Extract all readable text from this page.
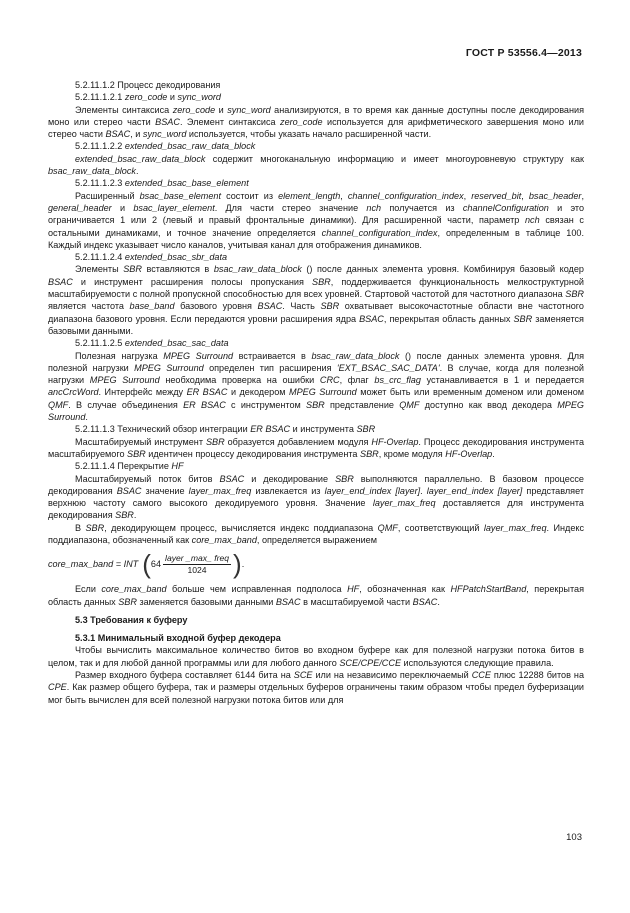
ГОСТ Р 53556.4—2013

5.2.11.1.2 Процесс декодирования

5.2.11.1.2.1 zero_code и sync_word

Элементы синтаксиса zero_code и sync_word анализируются, в то время как данные доступны после декодирования моно или стерео части BSAC. Элемент синтаксиса zero_code используется для арифметического завершения моно или стерео части BSAC, и sync_word используется, чтобы указать начало расширенной части.

5.2.11.1.2.2 extended_bsac_raw_data_block

extended_bsac_raw_data_block содержит многоканальную информацию и имеет многоуровневую структуру как bsac_raw_data_block.

5.2.11.1.2.3 extended_bsac_base_element

Расширенный bsac_base_element состоит из element_length, channel_configuration_index, reserved_bit, bsac_header, general_header и bsac_layer_element. Для части стерео значение nch получается из channelConfiguration и это ограничивается 1 или 2 (левый и правый фронтальные динамики). Для расширенной части, параметр nch связан с остальными динамиками, и точное значение определяется channel_configuration_index, определенным в таблице 100. Каждый индекс указывает число каналов, учитывая канал для отображения динамиков.

5.2.11.1.2.4 extended_bsac_sbr_data

Элементы SBR вставляются в bsac_raw_data_block () после данных элемента уровня. Комбинируя базовый кодер BSAC и инструмент расширения полосы пропускания SBR, поддерживается функциональность мелкоструктурной масштабируемости с полной пропускной способностью для всех уровней. Стартовой частотой для частотного диапазона SBR является частота base_band базового уровня BSAC. Часть SBR охватывает высокочастотные области вне частотного диапазона базового уровня. Если передаются уровни расширения ядра BSAC, перекрытая область данных SBR заменяется базовыми данными.

5.2.11.1.2.5 extended_bsac_sac_data

Полезная нагрузка MPEG Surround встраивается в bsac_raw_data_block () после данных элемента уровня. Для полезной нагрузки MPEG Surround определен тип расширения 'EXT_BSAC_SAC_DATA'. В случае, когда для полезной нагрузки MPEG Surround необходима проверка на ошибки CRC, флаг bs_crc_flag устанавливается в 1 и передается ancCrcWord. Интерфейс между ER BSAC и декодером MPEG Surround может быть или временным доменом или доменом QMF. В случае объединения ER BSAC с инструментом SBR представление QMF доступно как ввод декодера MPEG Surround.

5.2.11.1.3 Технический обзор интеграции ER BSAC и инструмента SBR

Масштабируемый инструмент SBR образуется добавлением модуля HF-Overlap. Процесс декодирования инструмента масштабируемого SBR идентичен процессу декодирования инструмента SBR, кроме модуля HF-Overlap.

5.2.11.1.4 Перекрытие HF

Масштабируемый поток битов BSAC и декодирование SBR выполняются параллельно. В базовом процессе декодирования BSAC значение layer_max_freq извлекается из layer_end_index [layer]. layer_end_index [layer] представляет верхнюю частоту самого высокого декодируемого уровня. Значение layer_max_freq доставляется для инструмента декодирования SBR.

В SBR, декодирующем процесс, вычисляется индекс поддиапазона QMF, соответствующий layer_max_freq. Индекс поддиапазона, обозначенный как core_max_band, определяется выражением

core_max_band = INT ( $64 \frac{\text{layer \_max\_ freq}}{1024}$ ) .

Если core_max_band больше чем исправленная подполоса HF, обозначенная как HFPatchStartBand, перекрытая область данных SBR заменяется базовыми данными BSAC в масштабируемой части BSAC.

5.3 Требования к буферу

5.3.1 Минимальный входной буфер декодера

Чтобы вычислить максимальное количество битов во входном буфере как для полезной нагрузки потока битов в целом, так и для любой данной программы или для любого данного SCE/CPE/CCE используются следующие правила.

Размер входного буфера составляет 6144 бита на SCE или на независимо переключаемый CCE плюс 12288 битов на CPE. Как размер общего буфера, так и размеры отдельных буферов ограничены таким образом чтобы предел буферизации мог быть вычислен для всей полезной нагрузки потока битов или для

103
